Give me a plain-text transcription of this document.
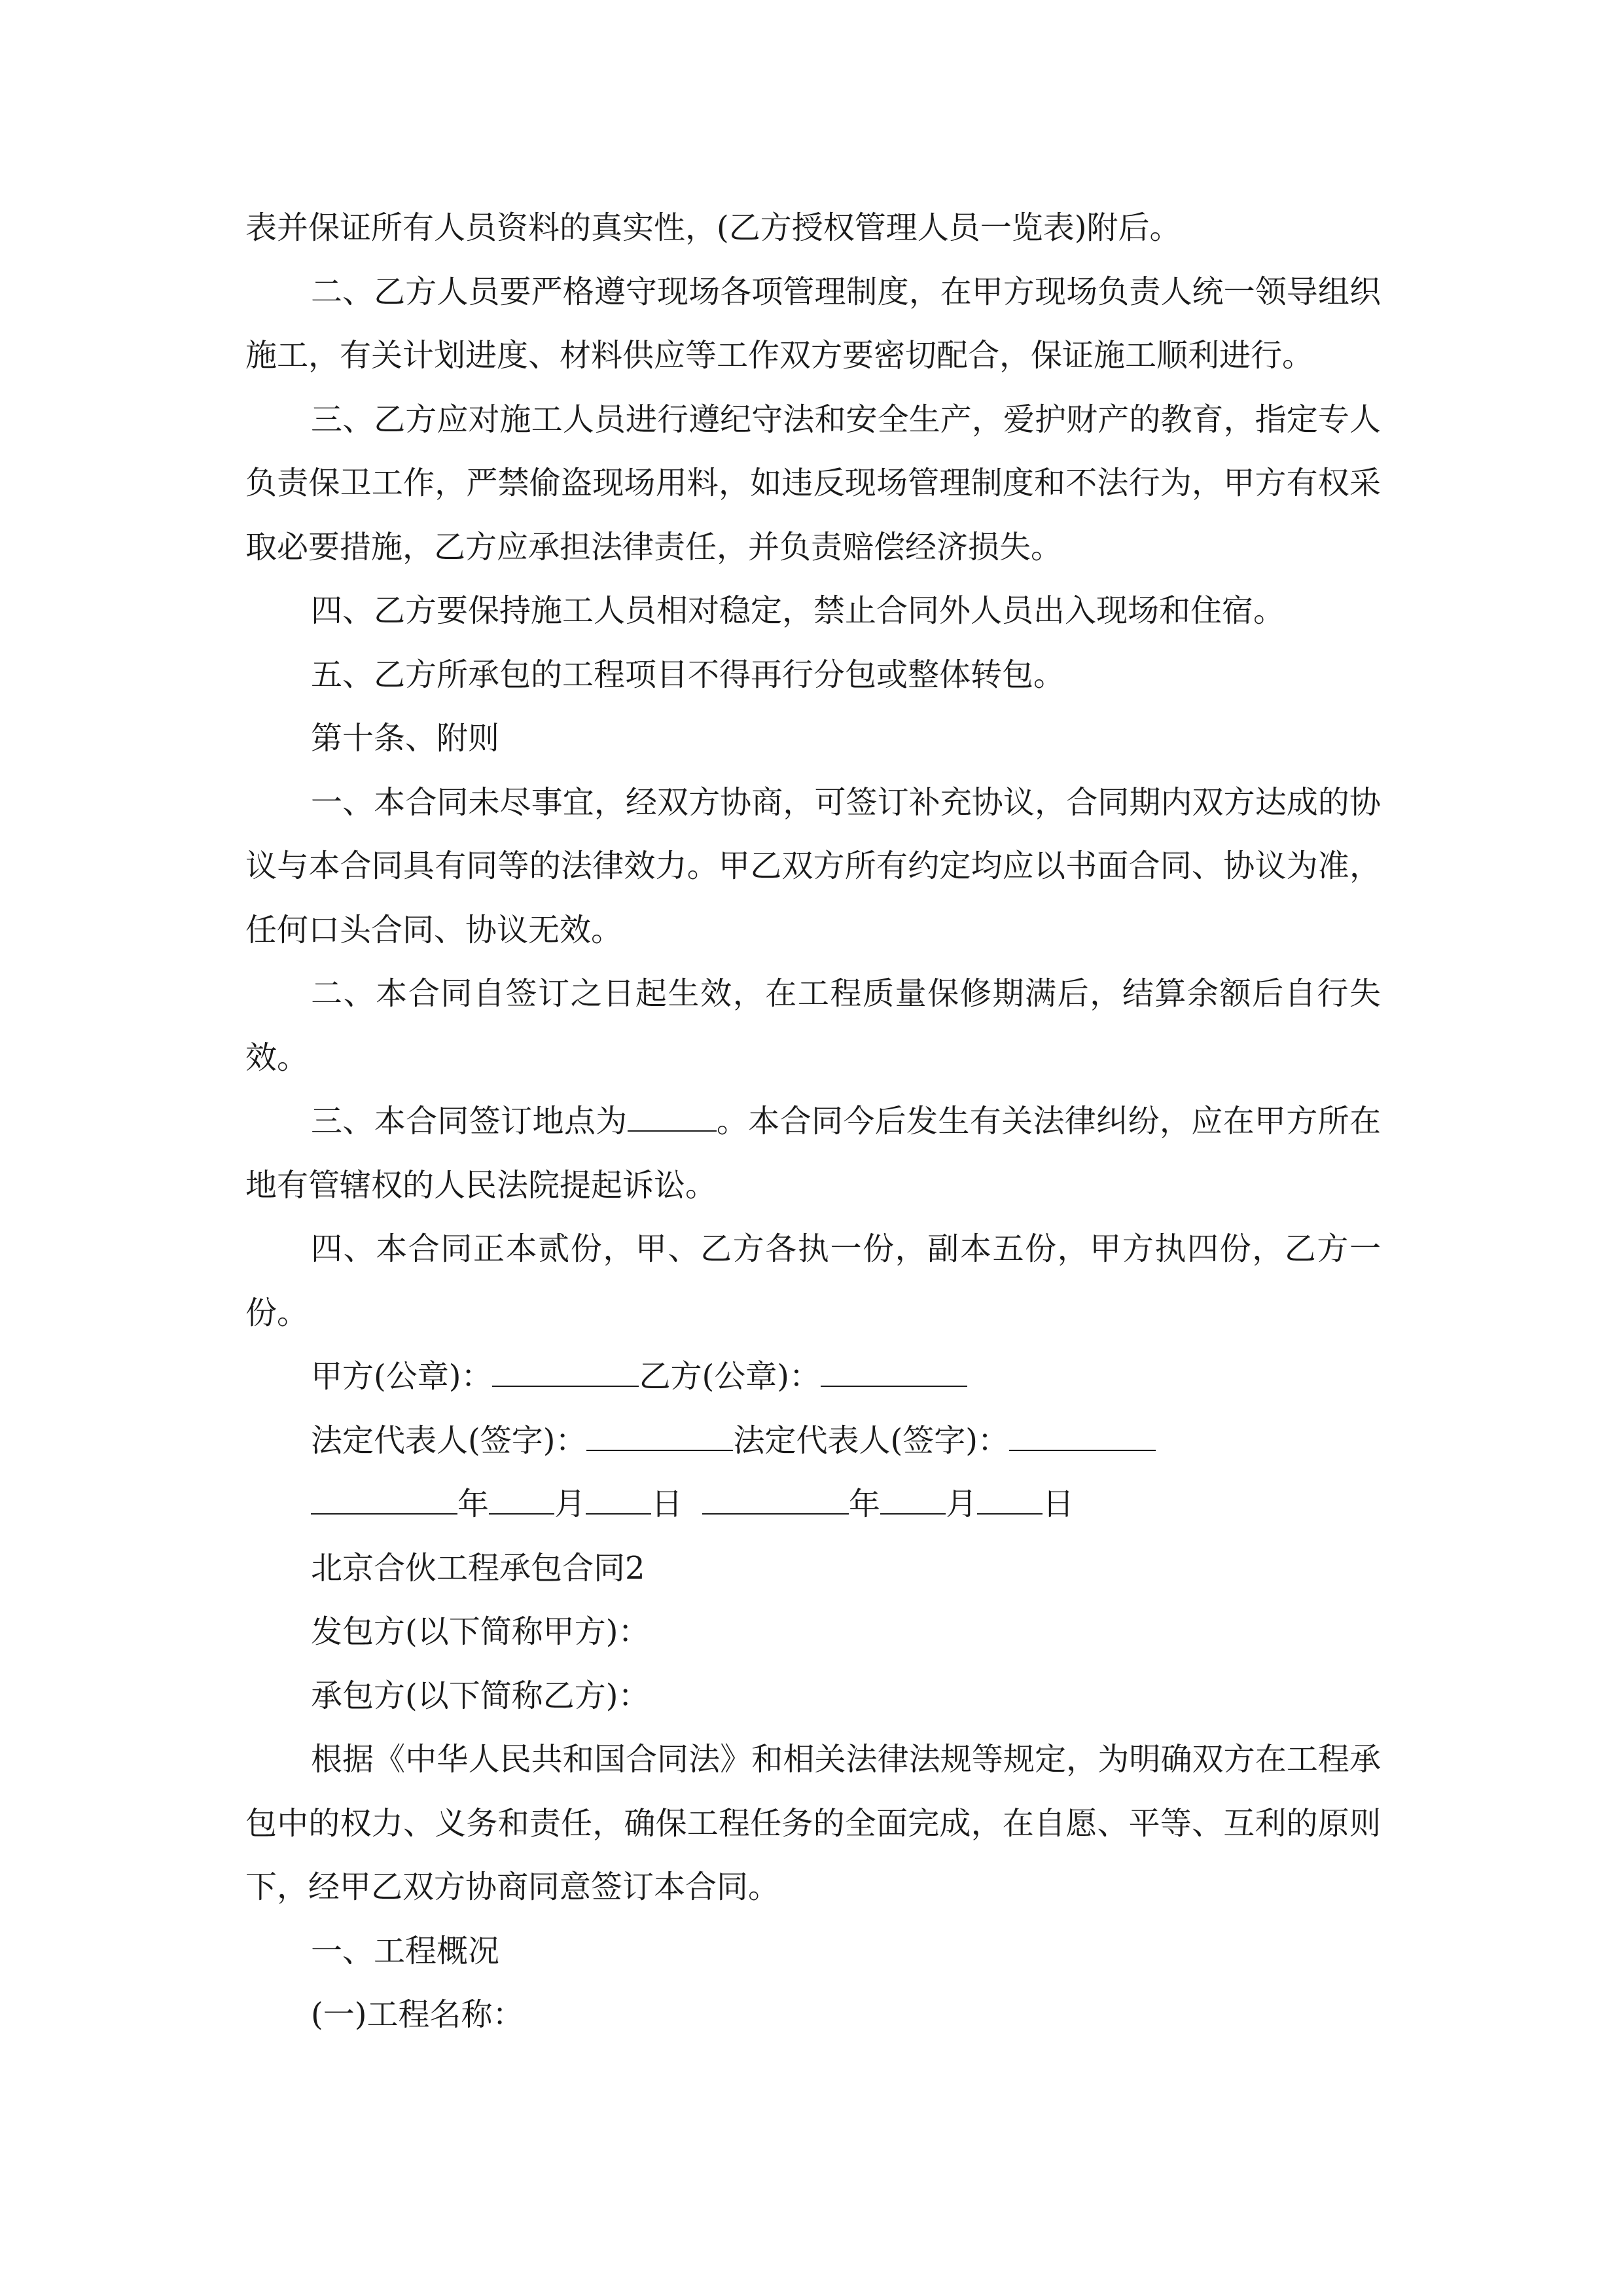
表并保证所有人员资料的真实性，(乙方授权管理人员一览表)附后。
二、乙方人员要严格遵守现场各项管理制度，在甲方现场负责人统一领导组织施工，有关计划进度、材料供应等工作双方要密切配合，保证施工顺利进行。
三、乙方应对施工人员进行遵纪守法和安全生产，爱护财产的教育，指定专人负责保卫工作，严禁偷盗现场用料，如违反现场管理制度和不法行为，甲方有权采取必要措施，乙方应承担法律责任，并负责赔偿经济损失。
四、乙方要保持施工人员相对稳定，禁止合同外人员出入现场和住宿。
五、乙方所承包的工程项目不得再行分包或整体转包。
第十条、附则
一、本合同未尽事宜，经双方协商，可签订补充协议，合同期内双方达成的协议与本合同具有同等的法律效力。甲乙双方所有约定均应以书面合同、协议为准，任何口头合同、协议无效。
二、本合同自签订之日起生效，在工程质量保修期满后，结算余额后自行失效。
三、本合同签订地点为	。本合同今后发生有关法律纠纷，应在甲方所在地有管辖权的人民法院提起诉讼。
四、本合同正本贰份，甲、乙方各执一份，副本五份，甲方执四份，乙方一份。
甲方(公章)：	乙方(公章)：
法定代表人(签字)：	法定代表人(签字)：
年 月 日	年 月 日
北京合伙工程承包合同2
发包方(以下简称甲方)：
承包方(以下简称乙方)：
根据《中华人民共和国合同法》和相关法律法规等规定，为明确双方在工程承包中的权力、义务和责任，确保工程任务的全面完成，在自愿、平等、互利的原则下，经甲乙双方协商同意签订本合同。
一、工程概况
(一)工程名称：
